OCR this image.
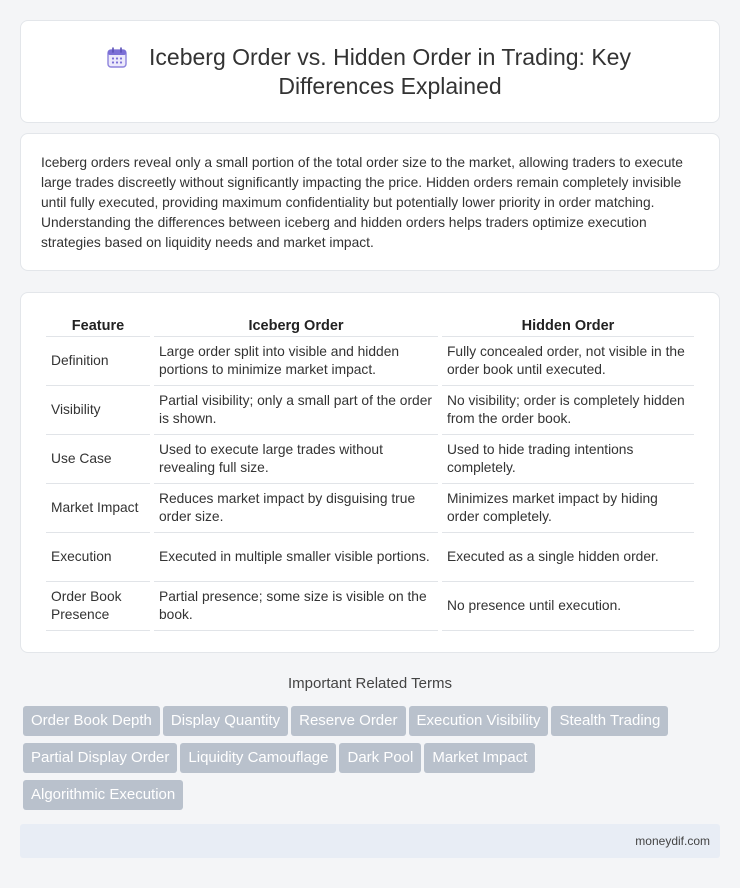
Iceberg Order vs. Hidden Order in Trading: Key Differences Explained

Iceberg orders reveal only a small portion of the total order size to the market, allowing traders to execute large trades discreetly without significantly impacting the price. Hidden orders remain completely invisible until fully executed, providing maximum confidentiality but potentially lower priority in order matching. Understanding the differences between iceberg and hidden orders helps traders optimize execution strategies based on liquidity needs and market impact.

Feature	Iceberg Order	Hidden Order
Definition	Large order split into visible and hidden portions to minimize market impact.	Fully concealed order, not visible in the order book until executed.
Visibility	Partial visibility; only a small part of the order is shown.	No visibility; order is completely hidden from the order book.
Use Case	Used to execute large trades without revealing full size.	Used to hide trading intentions completely.
Market Impact	Reduces market impact by disguising true order size.	Minimizes market impact by hiding order completely.
Execution	Executed in multiple smaller visible portions.	Executed as a single hidden order.
Order Book Presence	Partial presence; some size is visible on the book.	No presence until execution.
Important Related Terms
Order Book Depth Display Quantity Reserve Order Execution Visibility Stealth Trading
Partial Display Order Liquidity Camouflage Dark Pool Market Impact
Algorithmic Execution
moneydif.com
